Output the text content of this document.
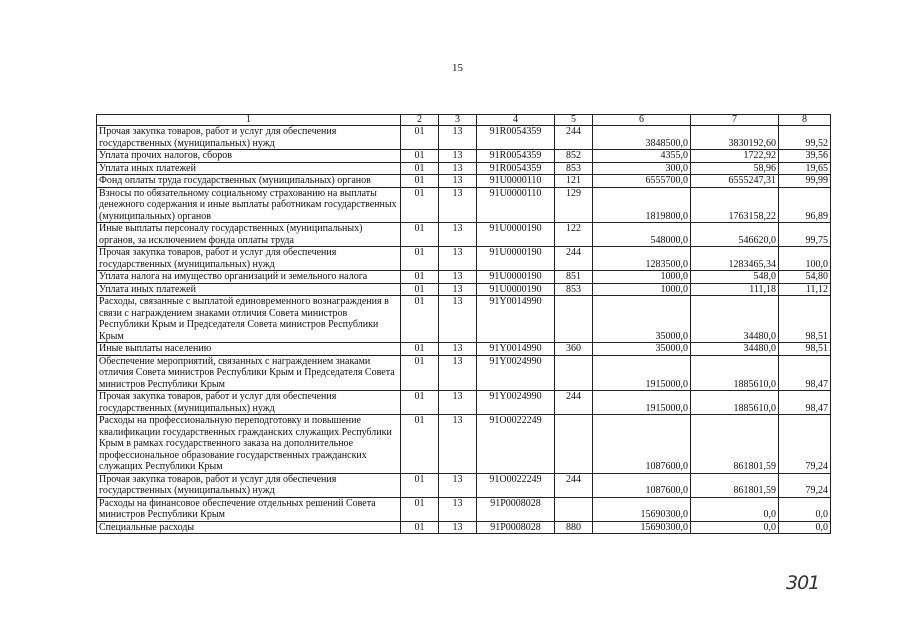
15
1	2	3	4	5	6	7	8
Прочая закупка товаров, работ и услуг для обеспечения государственных (муниципальных) нужд	01	13	91R0054359	244	3848500,0	3830192,60	99,52
Уплата прочих налогов, сборов	01	13	91R0054359	852	4355,0	1722,92	39,56
Уплата иных платежей	01	13	91R0054359	853	300,0	58,96	19,65
Фонд оплаты труда государственных (муниципальных) органов	01	13	91U0000110	121	6555700,0	6555247,31	99,99
Взносы по обязательному социальному страхованию на выплаты денежного содержания и иные выплаты работникам государственных (муниципальных) органов	01	13	91U0000110	129	1819800,0	1763158,22	96,89
Иные выплаты персоналу государственных (муниципальных) органов, за исключением фонда оплаты труда	01	13	91U0000190	122	548000,0	546620,0	99,75
Прочая закупка товаров, работ и услуг для обеспечения государственных (муниципальных) нужд	01	13	91U0000190	244	1283500,0	1283465,34	100,0
Уплата налога на имущество организаций и земельного налога	01	13	91U0000190	851	1000,0	548,0	54,80
Уплата иных платежей	01	13	91U0000190	853	1000,0	111,18	11,12
Расходы, связанные с выплатой единовременного вознаграждения в связи с награждением знаками отличия Совета министров Республики Крым и Председателя Совета министров Республики Крым	01	13	91Y0014990		35000,0	34480,0	98,51
Иные выплаты населению	01	13	91Y0014990	360	35000,0	34480,0	98,51
Обеспечение мероприятий, связанных с награждением знаками отличия Совета министров Республики Крым и Председателя Совета министров Республики Крым	01	13	91Y0024990		1915000,0	1885610,0	98,47
Прочая закупка товаров, работ и услуг для обеспечения государственных (муниципальных) нужд	01	13	91Y0024990	244	1915000,0	1885610,0	98,47
Расходы на профессиональную переподготовку и повышение квалификации государственных гражданских служащих Республики Крым в рамках государственного заказа на дополнительное профессиональное образование государственных гражданских служащих Республики Крым	01	13	91O0022249		1087600,0	861801,59	79,24
Прочая закупка товаров, работ и услуг для обеспечения государственных (муниципальных) нужд	01	13	91O0022249	244	1087600,0	861801,59	79,24
Расходы на финансовое обеспечение отдельных решений Совета министров Республики Крым	01	13	91P0008028		15690300,0	0,0	0,0
Специальные расходы	01	13	91P0008028	880	15690300,0	0,0	0,0
301
